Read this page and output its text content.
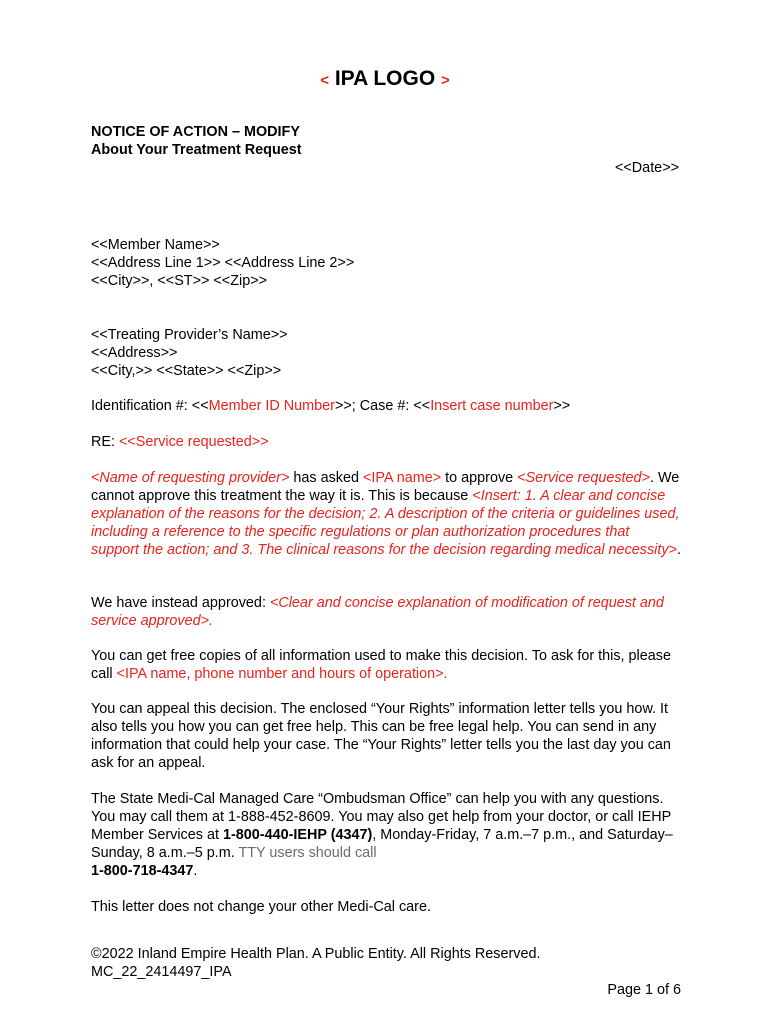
< IPA LOGO >
NOTICE OF ACTION – MODIFY
About Your Treatment Request
<<Date>>
<<Member Name>>
<<Address Line 1>> <<Address Line 2>>
<<City>>, <<ST>> <<Zip>>
<<Treating Provider’s Name>>
<<Address>>
<<City,>> <<State>> <<Zip>>
Identification #: <<Member ID Number>>; Case #: <<Insert case number>>
RE: <<Service requested>>

<Name of requesting provider> has asked <IPA name> to approve <Service requested>. We cannot approve this treatment the way it is. This is because <Insert: 1. A clear and concise explanation of the reasons for the decision; 2. A description of the criteria or guidelines used, including a reference to the specific regulations or plan authorization procedures that support the action; and 3. The clinical reasons for the decision regarding medical necessity>.

We have instead approved: <Clear and concise explanation of modification of request and service approved>.

You can get free copies of all information used to make this decision. To ask for this, please call <IPA name, phone number and hours of operation>.

You can appeal this decision. The enclosed “Your Rights” information letter tells you how. It also tells you how you can get free help. This can be free legal help. You can send in any information that could help your case. The “Your Rights” letter tells you the last day you can ask for an appeal.

The State Medi-Cal Managed Care “Ombudsman Office” can help you with any questions. You may call them at 1-888-452-8609. You may also get help from your doctor, or call IEHP Member Services at 1-800-440-IEHP (4347), Monday-Friday, 7 a.m.–7 p.m., and Saturday–Sunday, 8 a.m.–5 p.m. TTY users should call
1-800-718-4347.

This letter does not change your other Medi-Cal care.

©2022 Inland Empire Health Plan. A Public Entity. All Rights Reserved. MC_22_2414497_IPA
Page 1 of 6
